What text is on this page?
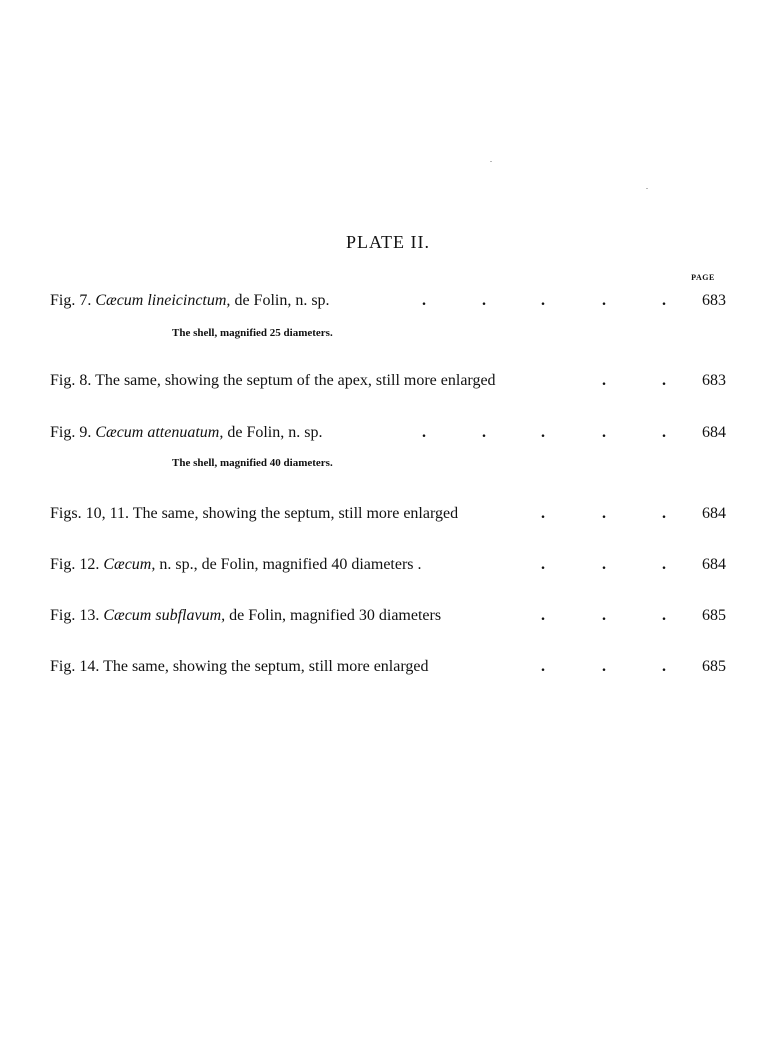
PLATE II.
PAGE
Fig. 7. Cæcum lineicinctum, de Folin, n. sp.	.	.	.	.	.	683
The shell, magnified 25 diameters.
Fig. 8. The same, showing the septum of the apex, still more enlarged	.	.	683
Fig. 9. Cæcum attenuatum, de Folin, n. sp.	.	.	.	.	.	684
The shell, magnified 40 diameters.
Figs. 10, 11. The same, showing the septum, still more enlarged	.	.	.	684
Fig. 12. Cæcum, n. sp., de Folin, magnified 40 diameters .	.	.	.	684
Fig. 13. Cæcum subflavum, de Folin, magnified 30 diameters	.	.	.	685
Fig. 14. The same, showing the septum, still more enlarged	.	.	.	685
